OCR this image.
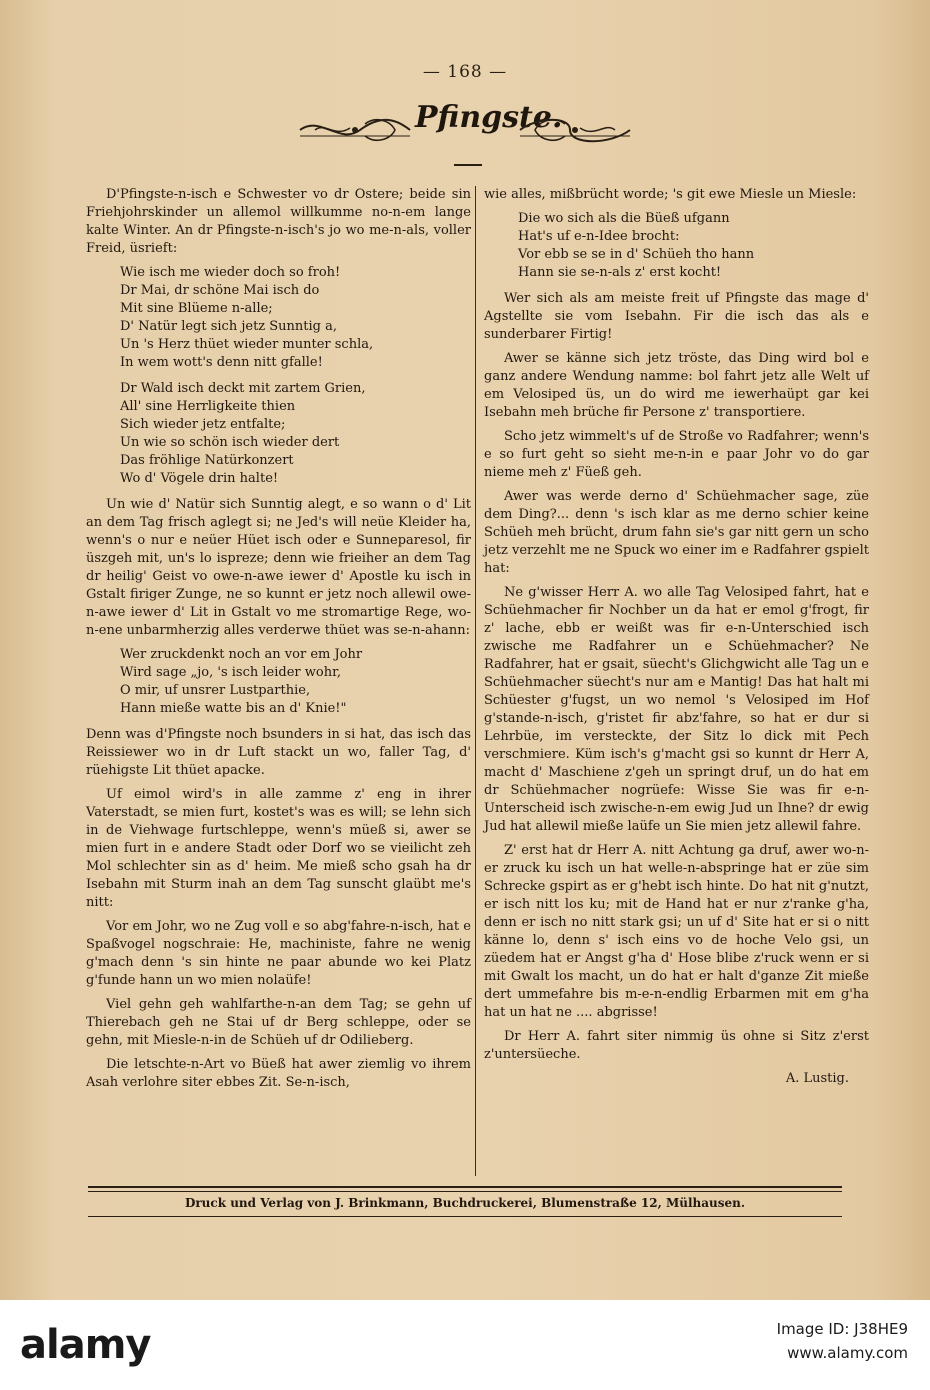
— 168 —
Pfingste.

D'Pfingste-n-isch e Schwester vo dr Ostere; beide sin Friehjohrskinder un allemol willkumme no-n-em lange kalte Winter. An dr Pfingste-n-isch's jo wo me-n-als, voller Freid, üsrieft:

Wie isch me wieder doch so froh!
Dr Mai, dr schöne Mai isch do
Mit sine Blüeme n-alle;
D' Natür legt sich jetz Sunntig a,
Un 's Herz thüet wieder munter schla,
In wem wott's denn nitt gfalle!
Dr Wald isch deckt mit zartem Grien,
All' sine Herrligkeite thien
Sich wieder jetz entfalte;
Un wie so schön isch wieder dert
Das fröhlige Natürkonzert
Wo d' Vögele drin halte!

Un wie d' Natür sich Sunntig alegt, e so wann o d' Lit an dem Tag frisch aglegt si; ne Jed's will neüe Kleider ha, wenn's o nur e neüer Hüet isch oder e Sunneparesol, fir üszgeh mit, un's lo ispreze; denn wie frieiher an dem Tag dr heilig' Geist vo owe-n-awe iewer d' Apostle ku isch in Gstalt firiger Zunge, ne so kunnt er jetz noch allewil owe-n-awe iewer d' Lit in Gstalt vo me stromartige Rege, wo-n-ene unbarmherzig alles verderwe thüet was se-n-ahann:

Wer zruckdenkt noch an vor em Johr
Wird sage „jo, 's isch leider wohr,
O mir, uf unsrer Lustparthie,
Hann mieße watte bis an d' Knie!"

Denn was d'Pfingste noch bsunders in si hat, das isch das Reissiewer wo in dr Luft stackt un wo, faller Tag, d' rüehigste Lit thüet apacke.

Uf eimol wird's in alle zamme z' eng in ihrer Vaterstadt, se mien furt, kostet's was es will; se lehn sich in de Viehwage furtschleppe, wenn's müeß si, awer se mien furt in e andere Stadt oder Dorf wo se vieilicht zeh Mol schlechter sin as d' heim. Me mieß scho gsah ha dr Isebahn mit Sturm inah an dem Tag sunscht glaübt me's nitt:

Vor em Johr, wo ne Zug voll e so abg'fahre-n-isch, hat e Spaßvogel nogschraie: He, machiniste, fahre ne wenig g'mach denn 's sin hinte ne paar abunde wo kei Platz g'funde hann un wo mien nolaüfe!

Viel gehn geh wahlfarthe-n-an dem Tag; se gehn uf Thierebach geh ne Stai uf dr Berg schleppe, oder se gehn, mit Miesle-n-in de Schüeh uf dr Odilieberg.

Die letschte-n-Art vo Büeß hat awer ziemlig vo ihrem Asah verlohre siter ebbes Zit. Se-n-isch,

wie alles, mißbrücht worde; 's git ewe Miesle un Miesle:

Die wo sich als die Büeß ufgann
Hat's uf e-n-Idee brocht:
Vor ebb se se in d' Schüeh tho hann
Hann sie se-n-als z' erst kocht!

Wer sich als am meiste freit uf Pfingste das mage d' Agstellte sie vom Isebahn. Fir die isch das als e sunderbarer Firtig!

Awer se känne sich jetz tröste, das Ding wird bol e ganz andere Wendung namme: bol fahrt jetz alle Welt uf em Velosiped üs, un do wird me iewerhaüpt gar kei Isebahn meh brüche fir Persone z' transportiere.

Scho jetz wimmelt's uf de Stroße vo Radfahrer; wenn's e so furt geht so sieht me-n-in e paar Johr vo do gar nieme meh z' Füeß geh.

Awer was werde derno d' Schüehmacher sage, züe dem Ding?... denn 's isch klar as me derno schier keine Schüeh meh brücht, drum fahn sie's gar nitt gern un scho jetz verzehlt me ne Spuck wo einer im e Radfahrer gspielt hat:

Ne g'wisser Herr A. wo alle Tag Velosiped fahrt, hat e Schüehmacher fir Nochber un da hat er emol g'frogt, fir z' lache, ebb er weißt was fir e-n-Unterschied isch zwische me Radfahrer un e Schüehmacher? Ne Radfahrer, hat er gsait, süecht's Glichgwicht alle Tag un e Schüehmacher süecht's nur am e Mantig! Das hat halt mi Schüester g'fugst, un wo nemol 's Velosiped im Hof g'stande-n-isch, g'ristet fir abz'fahre, so hat er dur si Lehrbüe, im versteckte, der Sitz lo dick mit Pech verschmiere. Küm isch's g'macht gsi so kunnt dr Herr A, macht d' Maschiene z'geh un springt druf, un do hat em dr Schüehmacher nogrüefe: Wisse Sie was fir e-n-Unterscheid isch zwische-n-em ewig Jud un Ihne? dr ewig Jud hat allewil mieße laüfe un Sie mien jetz allewil fahre.

Z' erst hat dr Herr A. nitt Achtung ga druf, awer wo-n-er zruck ku isch un hat welle-n-abspringe hat er züe sim Schrecke gspirt as er g'hebt isch hinte. Do hat nit g'nutzt, er isch nitt los ku; mit de Hand hat er nur z'ranke g'ha, denn er isch no nitt stark gsi; un uf d' Site hat er si o nitt känne lo, denn s' isch eins vo de hoche Velo gsi, un züedem hat er Angst g'ha d' Hose blibe z'ruck wenn er si mit Gwalt los macht, un do hat er halt d'ganze Zit mieße dert ummefahre bis m-e-n-endlig Erbarmen mit em g'ha hat un hat ne .... abgrisse!

Dr Herr A. fahrt siter nimmig üs ohne si Sitz z'erst z'untersüeche.

A. Lustig.
Druck und Verlag von J. Brinkmann, Buchdruckerei, Blumenstraße 12, Mülhausen.
alamy	Image ID: J38HE9
www.alamy.com
